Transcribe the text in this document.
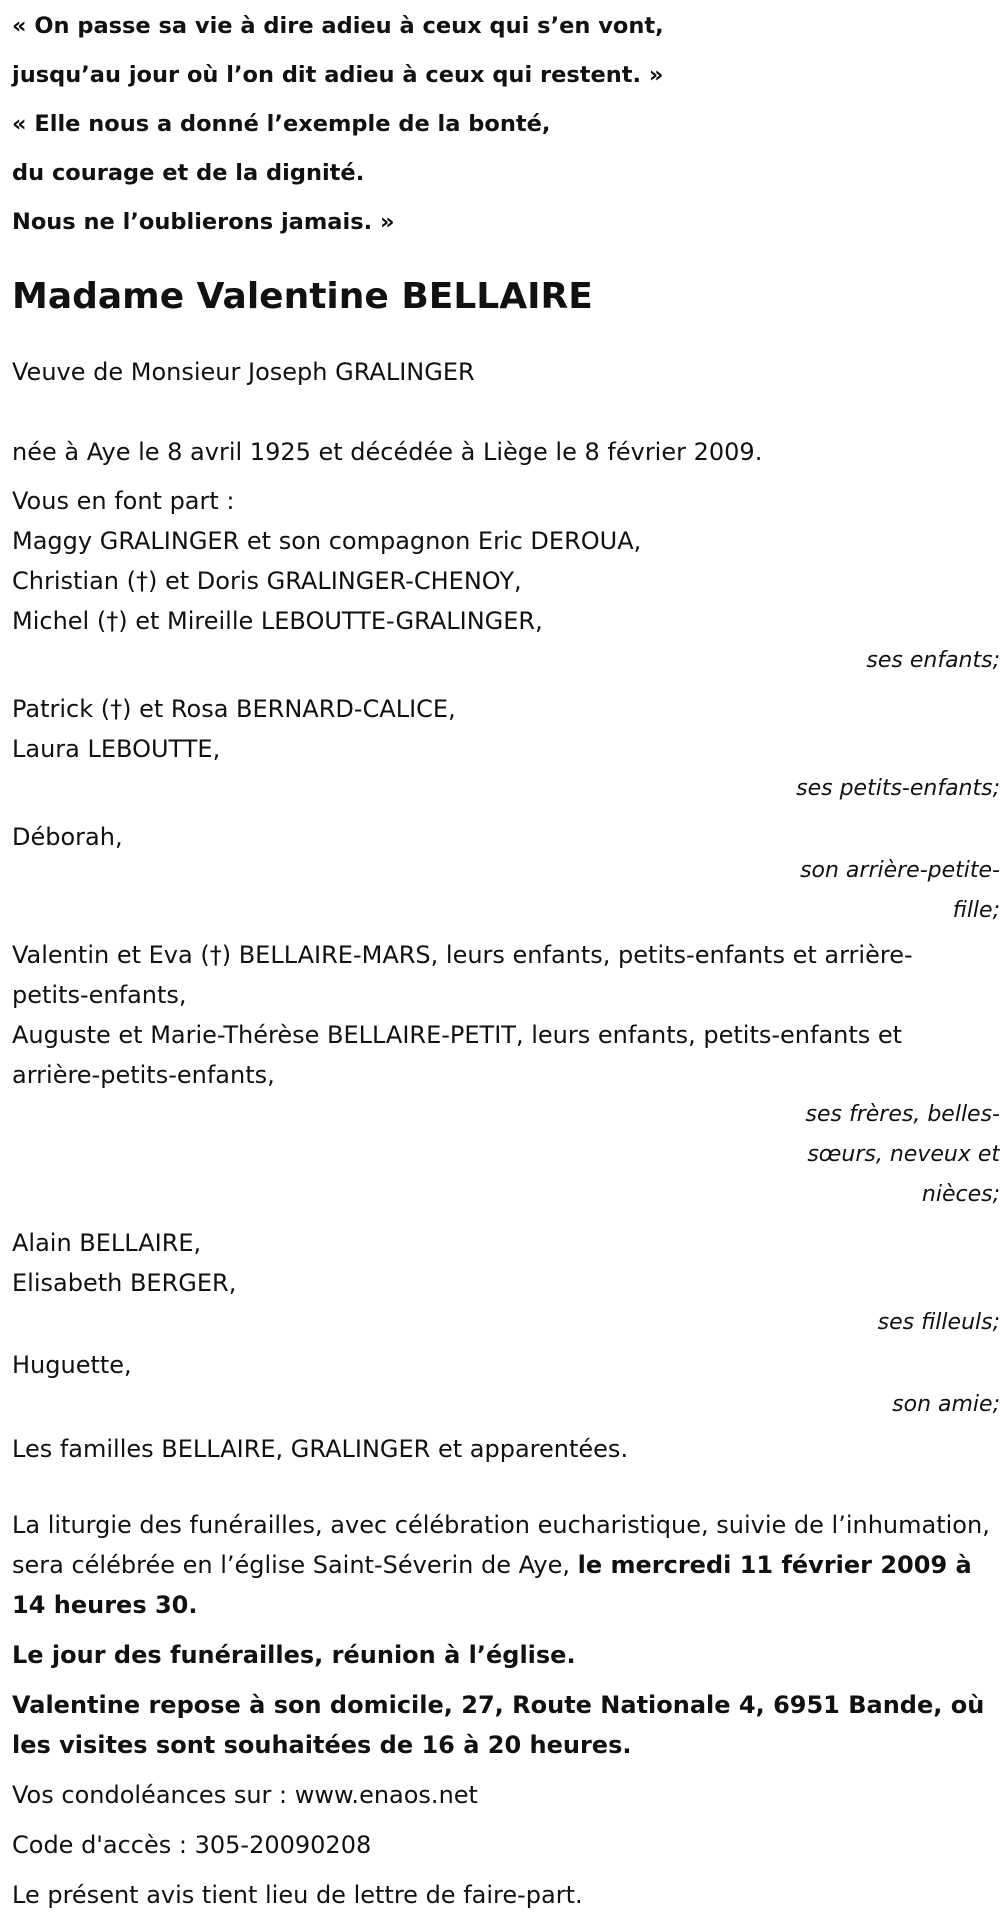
« On passe sa vie à dire adieu à ceux qui s’en vont,

jusqu’au jour où l’on dit adieu à ceux qui restent. »

« Elle nous a donné l’exemple de la bonté,

du courage et de la dignité.

Nous ne l’oublierons jamais. »

Madame Valentine BELLAIRE

Veuve de Monsieur Joseph GRALINGER

née à Aye le 8 avril 1925 et décédée à Liège le 8 février 2009.

Vous en font part :

Maggy GRALINGER et son compagnon Eric DEROUA,

Christian (†) et Doris GRALINGER-CHENOY,

Michel (†) et Mireille LEBOUTTE-GRALINGER,

ses enfants;

Patrick (†) et Rosa BERNARD-CALICE,

Laura LEBOUTTE,

ses petits-enfants;

Déborah,

son arrière-petite-

fille;

Valentin et Eva (†) BELLAIRE-MARS, leurs enfants, petits-enfants et arrière-petits-enfants,

Auguste et Marie-Thérèse BELLAIRE-PETIT, leurs enfants, petits-enfants et arrière-petits-enfants,

ses frères, belles-

sœurs, neveux et

nièces;

Alain BELLAIRE,

Elisabeth BERGER,

ses filleuls;

Huguette,

son amie;

Les familles BELLAIRE, GRALINGER et apparentées.

La liturgie des funérailles, avec célébration eucharistique, suivie de l’inhumation, sera célébrée en l’église Saint-Séverin de Aye, le mercredi 11 février 2009 à 14 heures 30.

Le jour des funérailles, réunion à l’église.

Valentine repose à son domicile, 27, Route Nationale 4, 6951 Bande, où les visites sont souhaitées de 16 à 20 heures.

Vos condoléances sur : www.enaos.net

Code d'accès : 305-20090208

Le présent avis tient lieu de lettre de faire-part.
